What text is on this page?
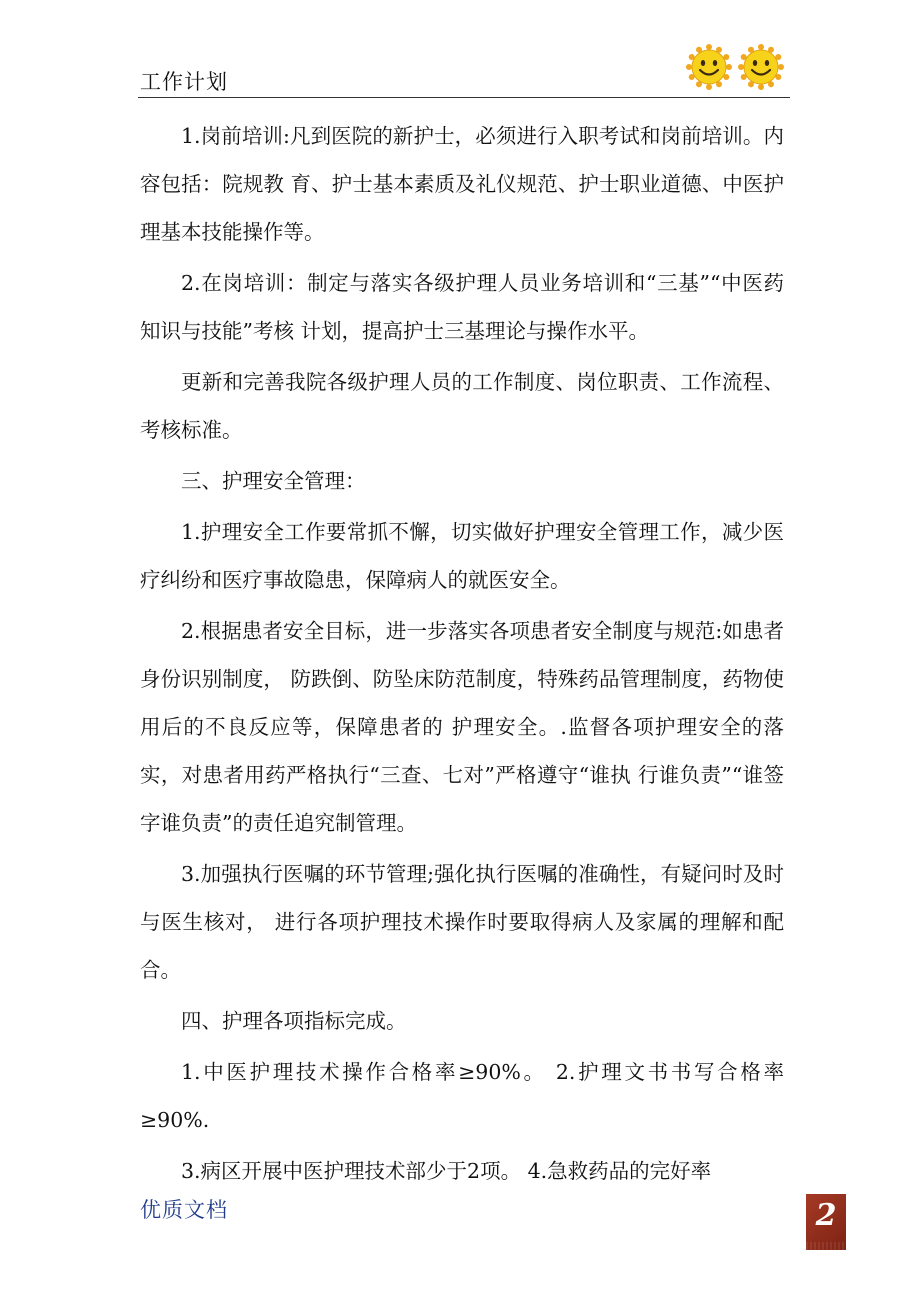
工作计划

1.岗前培训:凡到医院的新护士，必须进行入职考试和岗前培训。内容包括：院规教 育、护士基本素质及礼仪规范、护士职业道德、中医护理基本技能操作等。

2.在岗培训：制定与落实各级护理人员业务培训和“三基”“中医药知识与技能”考核 计划，提高护士三基理论与操作水平。

更新和完善我院各级护理人员的工作制度、岗位职责、工作流程、考核标准。

三、护理安全管理：

1.护理安全工作要常抓不懈，切实做好护理安全管理工作，减少医疗纠纷和医疗事故隐患，保障病人的就医安全。

2.根据患者安全目标，进一步落实各项患者安全制度与规范:如患者身份识别制度， 防跌倒、防坠床防范制度，特殊药品管理制度，药物使用后的不良反应等，保障患者的 护理安全。.监督各项护理安全的落实，对患者用药严格执行“三查、七对”严格遵守“谁执 行谁负责”“谁签字谁负责”的责任追究制管理。

3.加强执行医嘱的环节管理;强化执行医嘱的准确性，有疑问时及时与医生核对， 进行各项护理技术操作时要取得病人及家属的理解和配合。

四、护理各项指标完成。

1.中医护理技术操作合格率≥90%。 2.护理文书书写合格率≥90%.

3.病区开展中医护理技术部少于2项。 4.急救药品的完好率

优质文档	2
